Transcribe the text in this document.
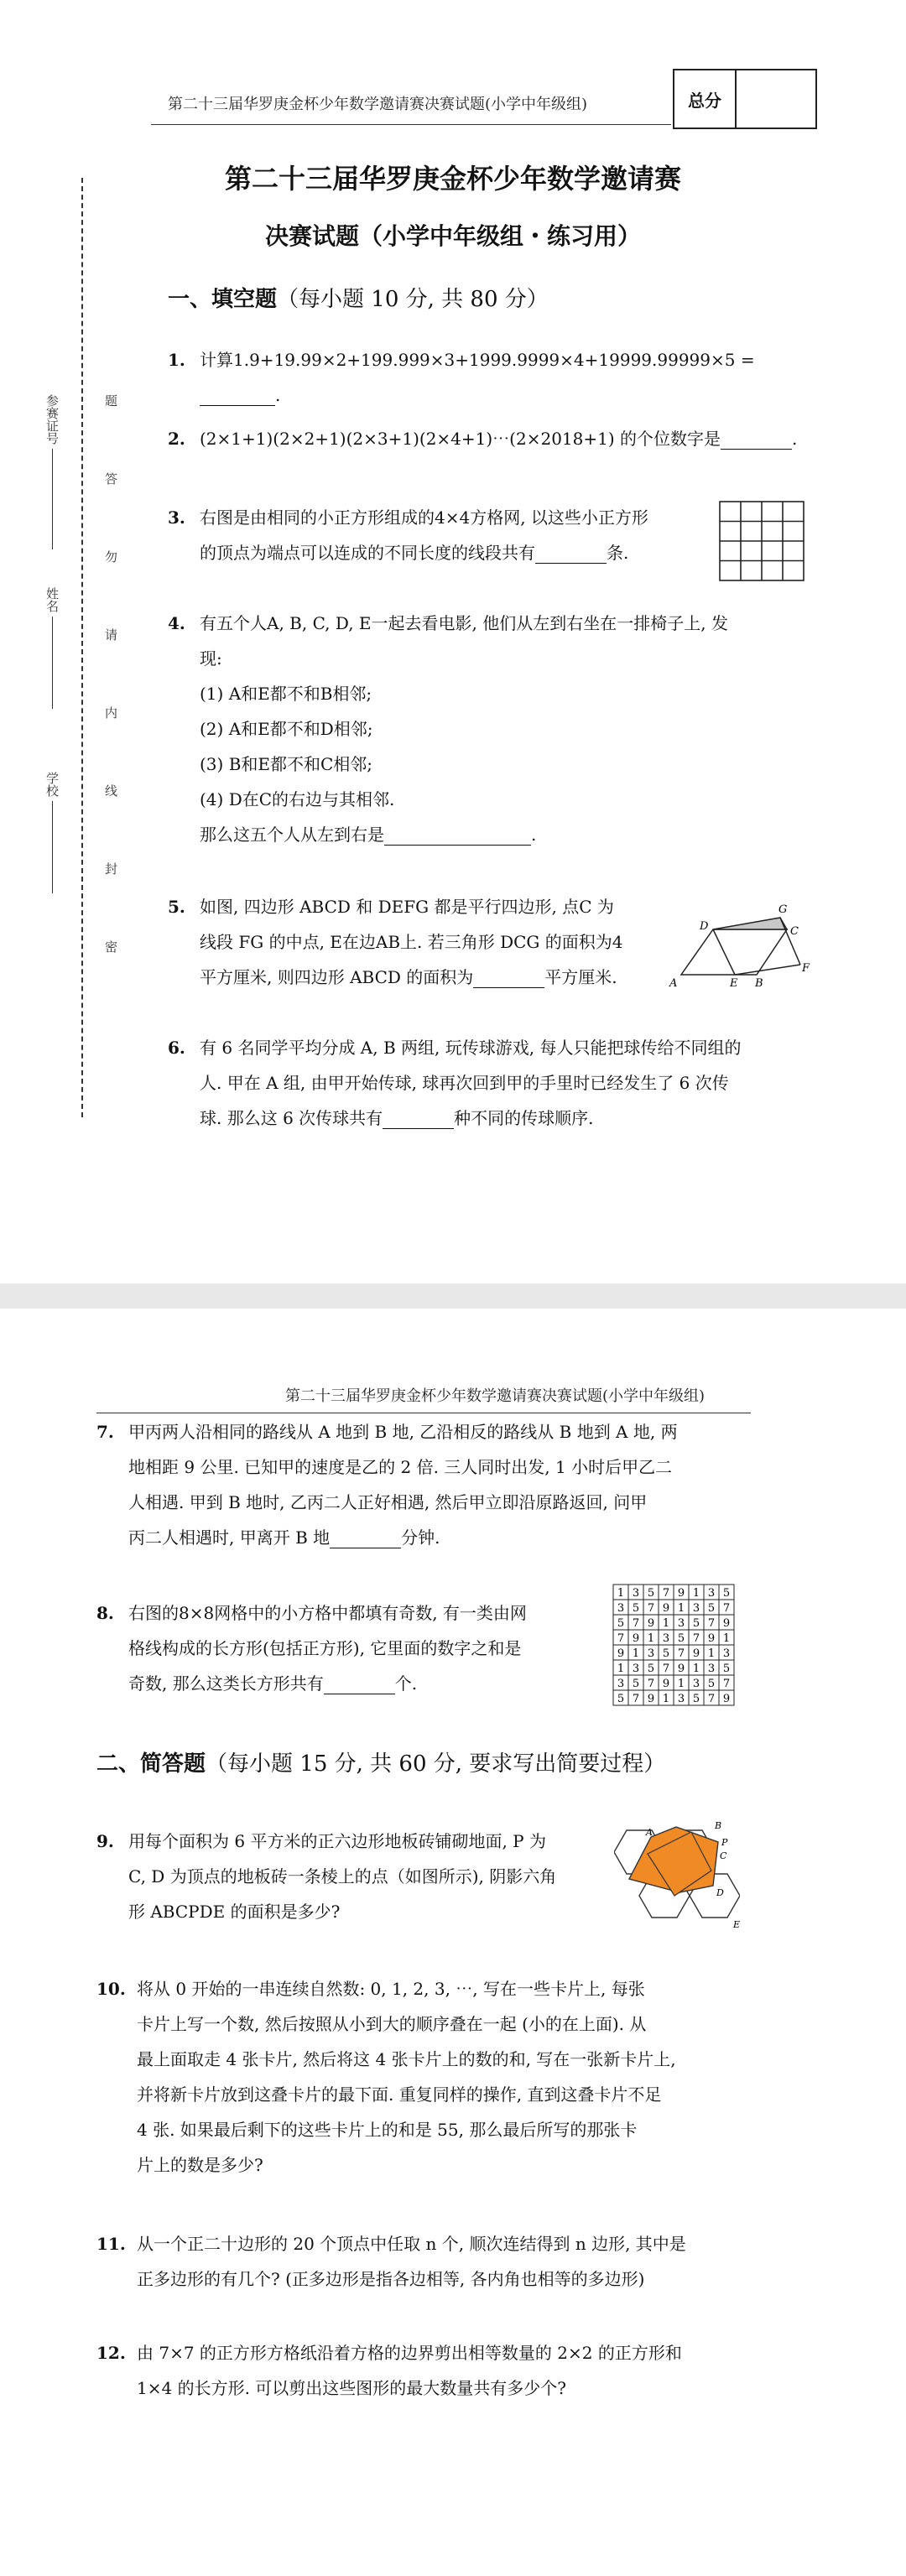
第二十三届华罗庚金杯少年数学邀请赛决赛试题(小学中年级组)	总分
第二十三届华罗庚金杯少年数学邀请赛
决赛试题（小学中年级组・练习用）
一、填空题（每小题 10 分, 共 80 分）
学校
姓名
参赛证号	题答勿请内线封密
1. 计算1.9+19.99×2+199.999×3+1999.9999×4+19999.99999×5 =.
2. (2×1+1)(2×2+1)(2×3+1)(2×4+1)⋯(2×2018+1) 的个位数字是	.
3. 右图是由相同的小正方形组成的4×4方格网, 以这些小正方形
的顶点为端点可以连成的不同长度的线段共有	条.
4. 有五个人A, B, C, D, E一起去看电影, 他们从左到右坐在一排椅子上, 发
现:
(1) A和E都不和B相邻;
(2) A和E都不和D相邻;
(3) B和E都不和C相邻;
(4) D在C的右边与其相邻.
那么这五个人从左到右是	.
5. 如图, 四边形 ABCD 和 DEFG 都是平行四边形, 点C 为
线段 FG 的中点, E在边AB上. 若三角形 DCG 的面积为4
平方厘米, 则四边形 ABCD 的面积为	平方厘米.	A	B
C
D
E
F
G
6. 有 6 名同学平均分成 A, B 两组, 玩传球游戏, 每人只能把球传给不同组的
人. 甲在 A 组, 由甲开始传球, 球再次回到甲的手里时已经发生了 6 次传
球. 那么这 6 次传球共有	种不同的传球顺序.
第二十三届华罗庚金杯少年数学邀请赛决赛试题(小学中年级组)
7. 甲丙两人沿相同的路线从 A 地到 B 地, 乙沿相反的路线从 B 地到 A 地, 两
地相距 9 公里. 已知甲的速度是乙的 2 倍. 三人同时出发, 1 小时后甲乙二
人相遇. 甲到 B 地时, 乙丙二人正好相遇, 然后甲立即沿原路返回, 问甲
丙二人相遇时, 甲离开 B 地	分钟.
8. 右图的8×8网格中的小方格中都填有奇数, 有一类由网
格线构成的长方形(包括正方形), 它里面的数字之和是
奇数, 那么这类长方形共有	个.
1 3 5 7 9 1 3 5
3 5 7 9 1 3 5 7
5 7 9 1 3 5 7 9
7 9 1 3 5 7 9 1
9 1 3 5 7 9 1 3
1 3 5 7 9 1 3 5
3 5 7 9 1 3 5 7
5 7 9 1 3 5 7 9
二、简答题（每小题 15 分, 共 60 分, 要求写出简要过程）
9. 用每个面积为 6 平方米的正六边形地板砖铺砌地面, P 为
C, D 为顶点的地板砖一条棱上的点（如图所示), 阴影六角
形 ABCPDE 的面积是多少?
A
B
C
D
E
P
10. 将从 0 开始的一串连续自然数: 0, 1, 2, 3, ⋯, 写在一些卡片上, 每张
卡片上写一个数, 然后按照从小到大的顺序叠在一起 (小的在上面). 从
最上面取走 4 张卡片, 然后将这 4 张卡片上的数的和, 写在一张新卡片上,
并将新卡片放到这叠卡片的最下面. 重复同样的操作, 直到这叠卡片不足
4 张. 如果最后剩下的这些卡片上的和是 55, 那么最后所写的那张卡
片上的数是多少?
11. 从一个正二十边形的 20 个顶点中任取 n 个, 顺次连结得到 n 边形, 其中是
正多边形的有几个? (正多边形是指各边相等, 各内角也相等的多边形)
12. 由 7×7 的正方形方格纸沿着方格的边界剪出相等数量的 2×2 的正方形和
1×4 的长方形. 可以剪出这些图形的最大数量共有多少个?
